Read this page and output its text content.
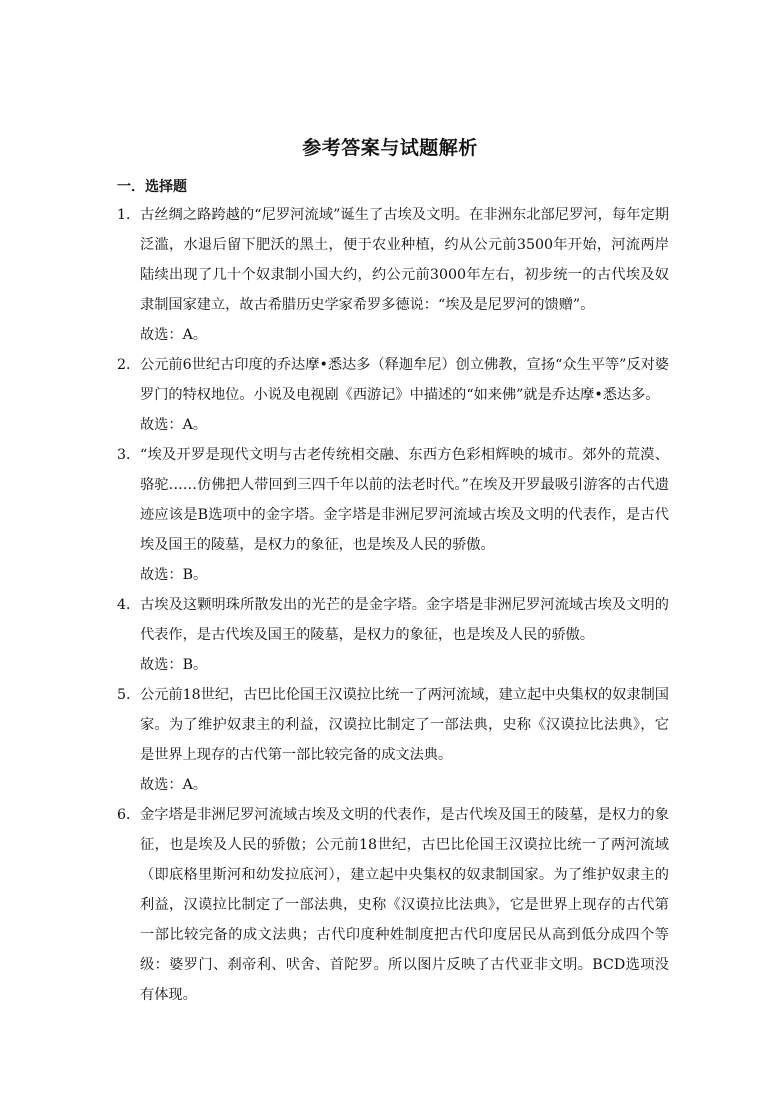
参考答案与试题解析
一．选择题
1． 古丝绸之路跨越的“尼罗河流域”诞生了古埃及文明。在非洲东北部尼罗河，每年定期泛滥，水退后留下肥沃的黑土，便于农业种植，约从公元前3500年开始，河流两岸陆续出现了几十个奴隶制小国大约，约公元前3000年左右，初步统一的古代埃及奴隶制国家建立，故古希腊历史学家希罗多德说：“埃及是尼罗河的馈赠”。
故选：A。
2． 公元前6世纪古印度的乔达摩•悉达多（释迦牟尼）创立佛教，宣扬“众生平等”反对婆罗门的特权地位。小说及电视剧《西游记》中描述的“如来佛”就是乔达摩•悉达多。
故选：A。
3． “埃及开罗是现代文明与古老传统相交融、东西方色彩相辉映的城市。郊外的荒漠、骆驼……仿佛把人带回到三四千年以前的法老时代。”在埃及开罗最吸引游客的古代遗迹应该是B选项中的金字塔。金字塔是非洲尼罗河流域古埃及文明的代表作，是古代埃及国王的陵墓，是权力的象征，也是埃及人民的骄傲。
故选：B。
4． 古埃及这颗明珠所散发出的光芒的是金字塔。金字塔是非洲尼罗河流域古埃及文明的代表作，是古代埃及国王的陵墓，是权力的象征，也是埃及人民的骄傲。
故选：B。
5. 公元前18世纪，古巴比伦国王汉谟拉比统一了两河流域，建立起中央集权的奴隶制国家。为了维护奴隶主的利益，汉谟拉比制定了一部法典，史称《汉谟拉比法典》，它是世界上现存的古代第一部比较完备的成文法典。
故选：A。
6． 金字塔是非洲尼罗河流域古埃及文明的代表作，是古代埃及国王的陵墓，是权力的象征，也是埃及人民的骄傲；公元前18世纪，古巴比伦国王汉谟拉比统一了两河流域（即底格里斯河和幼发拉底河），建立起中央集权的奴隶制国家。为了维护奴隶主的利益，汉谟拉比制定了一部法典，史称《汉谟拉比法典》，它是世界上现存的古代第一部比较完备的成文法典；古代印度种姓制度把古代印度居民从高到低分成四个等级：婆罗门、刹帝利、吠舍、首陀罗。所以图片反映了古代亚非文明。BCD选项没有体现。
